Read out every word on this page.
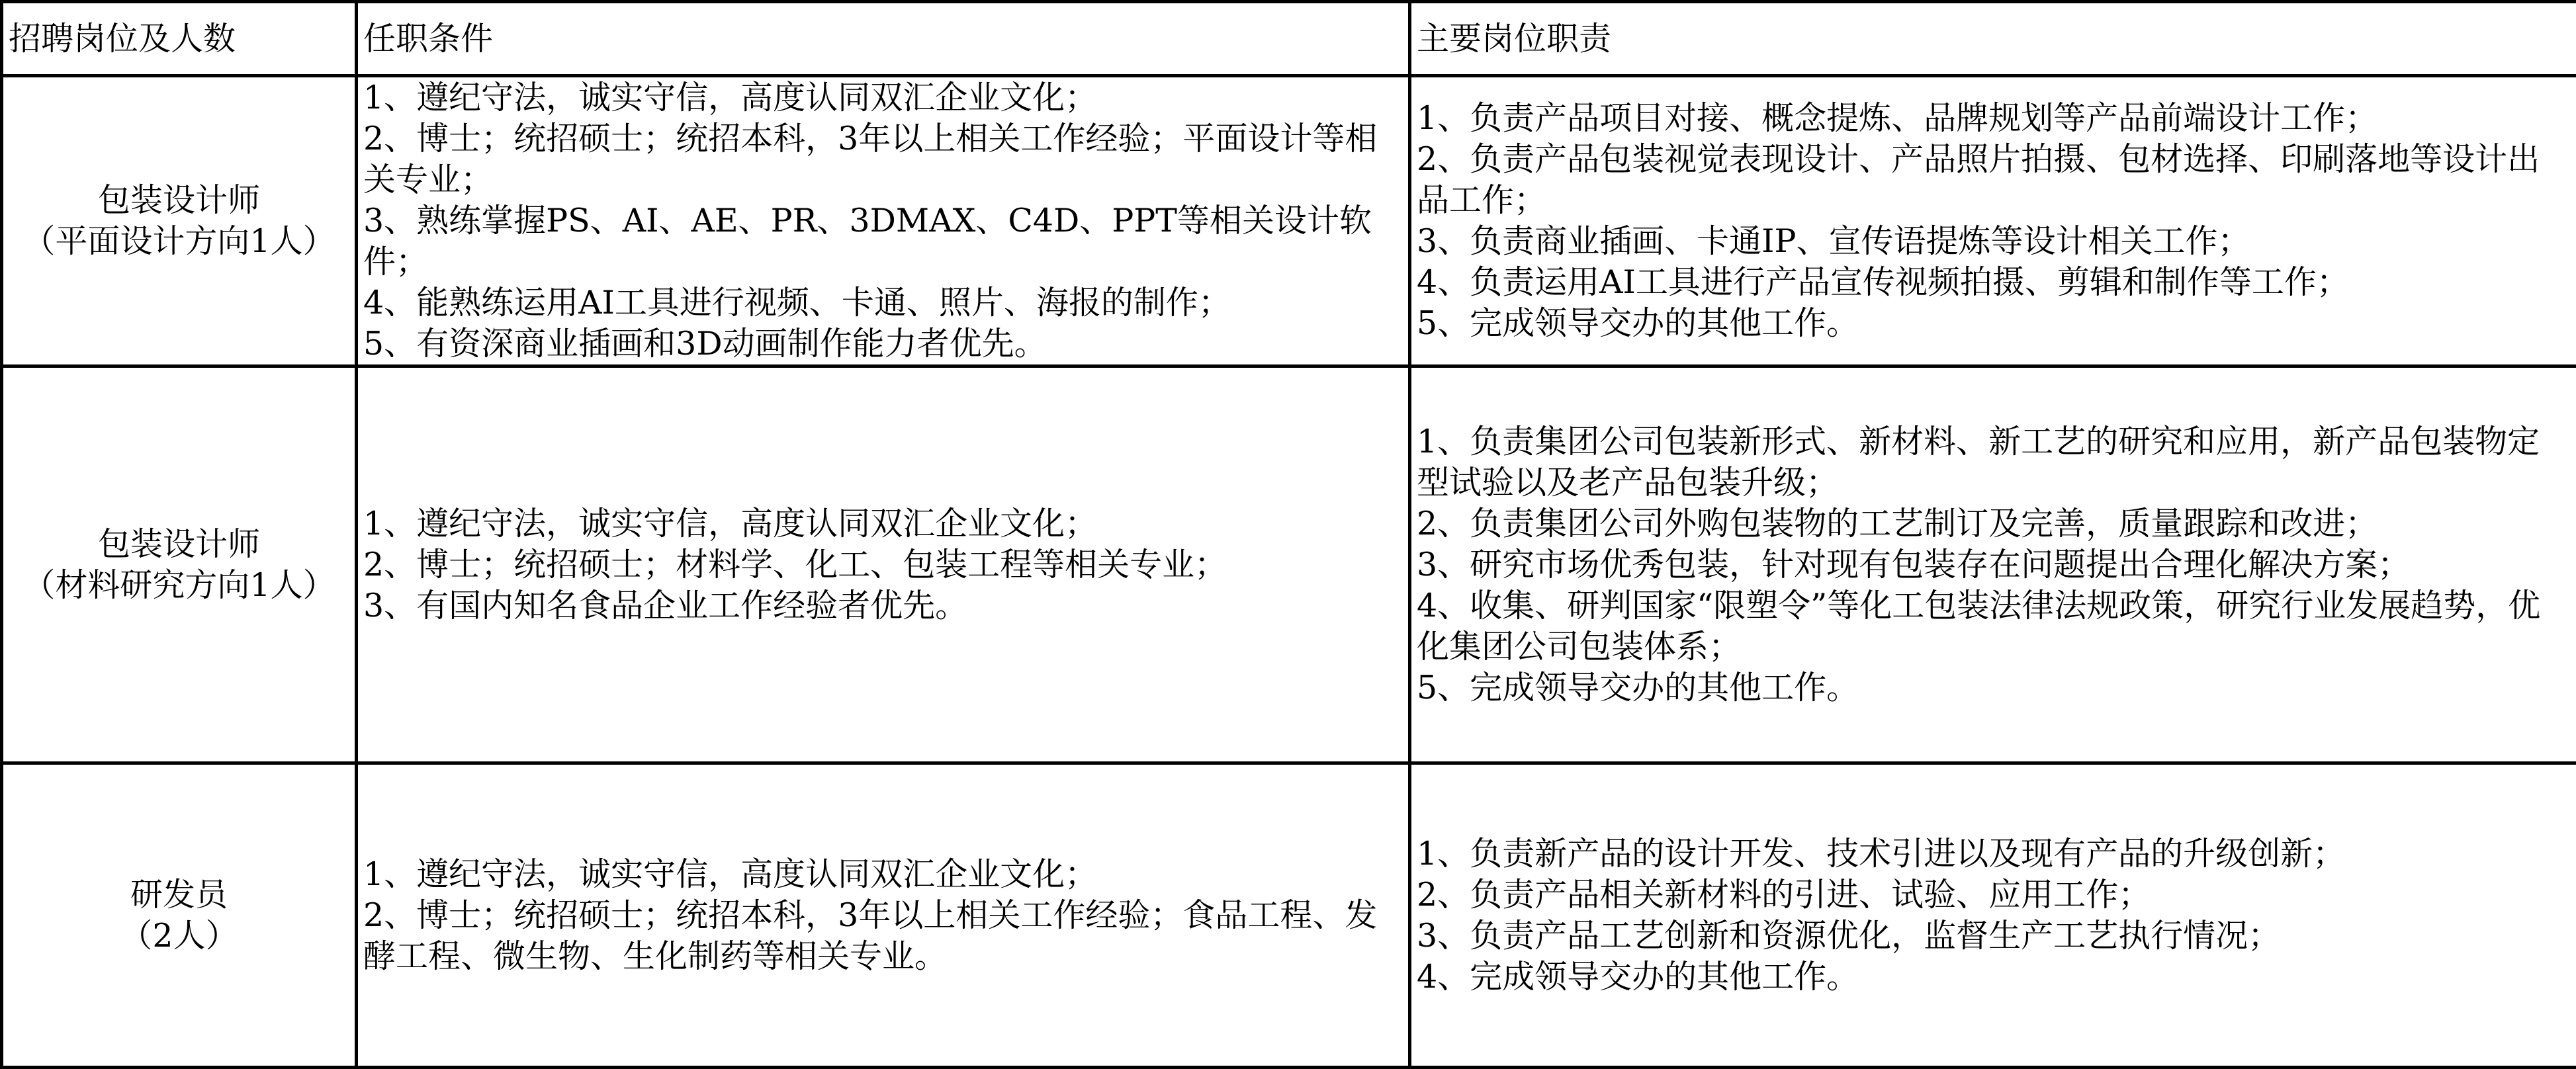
招聘岗位及人数	任职条件	主要岗位职责

包装设计师
（平面设计方向1人）	1、遵纪守法，诚实守信，高度认同双汇企业文化；
2、博士；统招硕士；统招本科，3年以上相关工作经验；平面设计等相关专业；
3、熟练掌握PS、AI、AE、PR、3DMAX、C4D、PPT等相关设计软件；
4、能熟练运用AI工具进行视频、卡通、照片、海报的制作；
5、有资深商业插画和3D动画制作能力者优先。	1、负责产品项目对接、概念提炼、品牌规划等产品前端设计工作；
2、负责产品包装视觉表现设计、产品照片拍摄、包材选择、印刷落地等设计出品工作；
3、负责商业插画、卡通IP、宣传语提炼等设计相关工作；
4、负责运用AI工具进行产品宣传视频拍摄、剪辑和制作等工作；
5、完成领导交办的其他工作。

包装设计师
（材料研究方向1人）	1、遵纪守法，诚实守信，高度认同双汇企业文化；
2、博士；统招硕士；材料学、化工、包装工程等相关专业；
3、有国内知名食品企业工作经验者优先。	1、负责集团公司包装新形式、新材料、新工艺的研究和应用，新产品包装物定型试验以及老产品包装升级；
2、负责集团公司外购包装物的工艺制订及完善，质量跟踪和改进；
3、研究市场优秀包装，针对现有包装存在问题提出合理化解决方案；
4、收集、研判国家“限塑令”等化工包装法律法规政策，研究行业发展趋势，优化集团公司包装体系；
5、完成领导交办的其他工作。

研发员
（2人）	1、遵纪守法，诚实守信，高度认同双汇企业文化；
2、博士；统招硕士；统招本科，3年以上相关工作经验；食品工程、发酵工程、微生物、生化制药等相关专业。	1、负责新产品的设计开发、技术引进以及现有产品的升级创新；
2、负责产品相关新材料的引进、试验、应用工作；
3、负责产品工艺创新和资源优化，监督生产工艺执行情况；
4、完成领导交办的其他工作。
